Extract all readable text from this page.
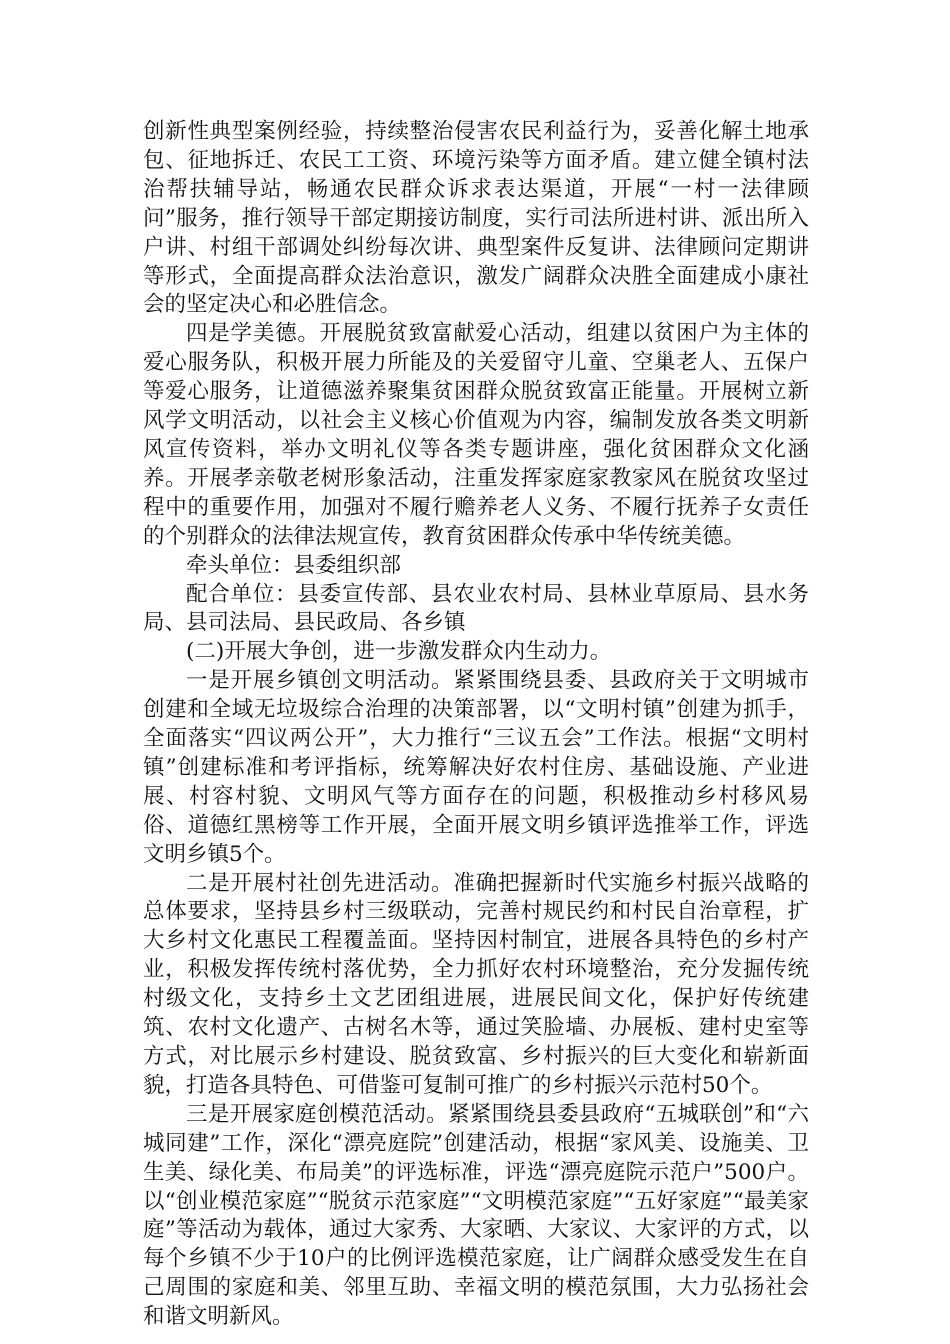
创新性典型案例经验，持续整治侵害农民利益行为，妥善化解土地承包、征地拆迁、农民工工资、环境污染等方面矛盾。建立健全镇村法治帮扶辅导站，畅通农民群众诉求表达渠道，开展“一村一法律顾问”服务，推行领导干部定期接访制度，实行司法所进村讲、派出所入户讲、村组干部调处纠纷每次讲、典型案件反复讲、法律顾问定期讲等形式，全面提高群众法治意识，激发广阔群众决胜全面建成小康社会的坚定决心和必胜信念。

四是学美德。开展脱贫致富献爱心活动，组建以贫困户为主体的爱心服务队，积极开展力所能及的关爱留守儿童、空巢老人、五保户等爱心服务，让道德滋养聚集贫困群众脱贫致富正能量。开展树立新风学文明活动，以社会主义核心价值观为内容，编制发放各类文明新风宣传资料，举办文明礼仪等各类专题讲座，强化贫困群众文化涵养。开展孝亲敬老树形象活动，注重发挥家庭家教家风在脱贫攻坚过程中的重要作用，加强对不履行赡养老人义务、不履行抚养子女责任的个别群众的法律法规宣传，教育贫困群众传承中华传统美德。

牵头单位：县委组织部

配合单位：县委宣传部、县农业农村局、县林业草原局、县水务局、县司法局、县民政局、各乡镇

(二)开展大争创，进一步激发群众内生动力。

一是开展乡镇创文明活动。紧紧围绕县委、县政府关于文明城市创建和全域无垃圾综合治理的决策部署，以“文明村镇”创建为抓手，全面落实“四议两公开”，大力推行“三议五会”工作法。根据“文明村镇”创建标准和考评指标，统筹解决好农村住房、基础设施、产业进展、村容村貌、文明风气等方面存在的问题，积极推动乡村移风易俗、道德红黑榜等工作开展，全面开展文明乡镇评选推举工作，评选文明乡镇5个。

二是开展村社创先进活动。准确把握新时代实施乡村振兴战略的总体要求，坚持县乡村三级联动，完善村规民约和村民自治章程，扩大乡村文化惠民工程覆盖面。坚持因村制宜，进展各具特色的乡村产业，积极发挥传统村落优势，全力抓好农村环境整治，充分发掘传统村级文化，支持乡土文艺团组进展，进展民间文化，保护好传统建筑、农村文化遗产、古树名木等，通过笑脸墙、办展板、建村史室等方式，对比展示乡村建设、脱贫致富、乡村振兴的巨大变化和崭新面貌，打造各具特色、可借鉴可复制可推广的乡村振兴示范村50个。

三是开展家庭创模范活动。紧紧围绕县委县政府“五城联创”和“六城同建”工作，深化“漂亮庭院”创建活动，根据“家风美、设施美、卫生美、绿化美、布局美”的评选标准，评选“漂亮庭院示范户”500户。以“创业模范家庭”“脱贫示范家庭”“文明模范家庭”“五好家庭”“最美家庭”等活动为载体，通过大家秀、大家晒、大家议、大家评的方式，以每个乡镇不少于10户的比例评选模范家庭，让广阔群众感受发生在自己周围的家庭和美、邻里互助、幸福文明的模范氛围，大力弘扬社会和谐文明新风。
